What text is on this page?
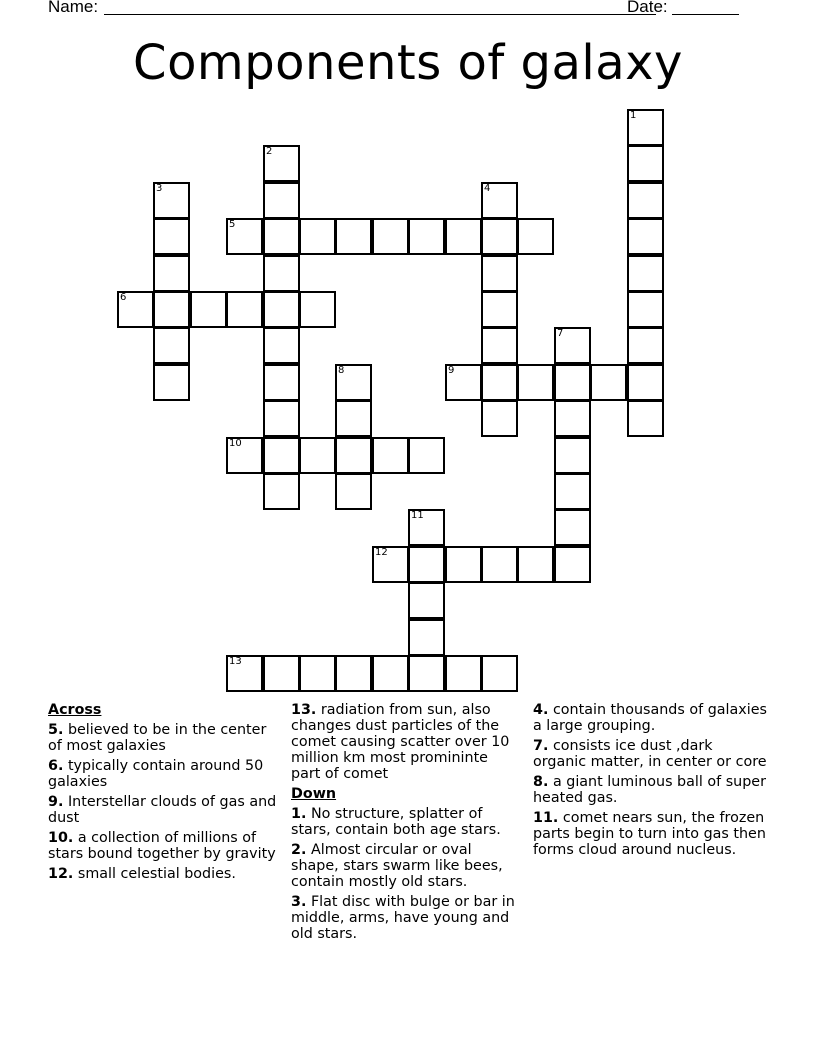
Name:	Date:
Components of galaxy
1
2
3	4
5
6
7
8	9
10
11
12
13
Across
5. believed to be in the center of most galaxies
6. typically contain around 50 galaxies
9. Interstellar clouds of gas and dust
10. a collection of millions of stars bound together by gravity
12. small celestial bodies.
13. radiation from sun, also changes dust particles of the comet causing scatter over 10 million km most promininte part of comet
Down
1. No structure, splatter of stars, contain both age stars.
2. Almost circular or oval shape, stars swarm like bees, contain mostly old stars.
3. Flat disc with bulge or bar in middle, arms, have young and old stars.
4. contain thousands of galaxies a large grouping.
7. consists ice dust ,dark organic matter, in center or core
8. a giant luminous ball of super heated gas.
11. comet nears sun, the frozen parts begin to turn into gas then forms cloud around nucleus.
